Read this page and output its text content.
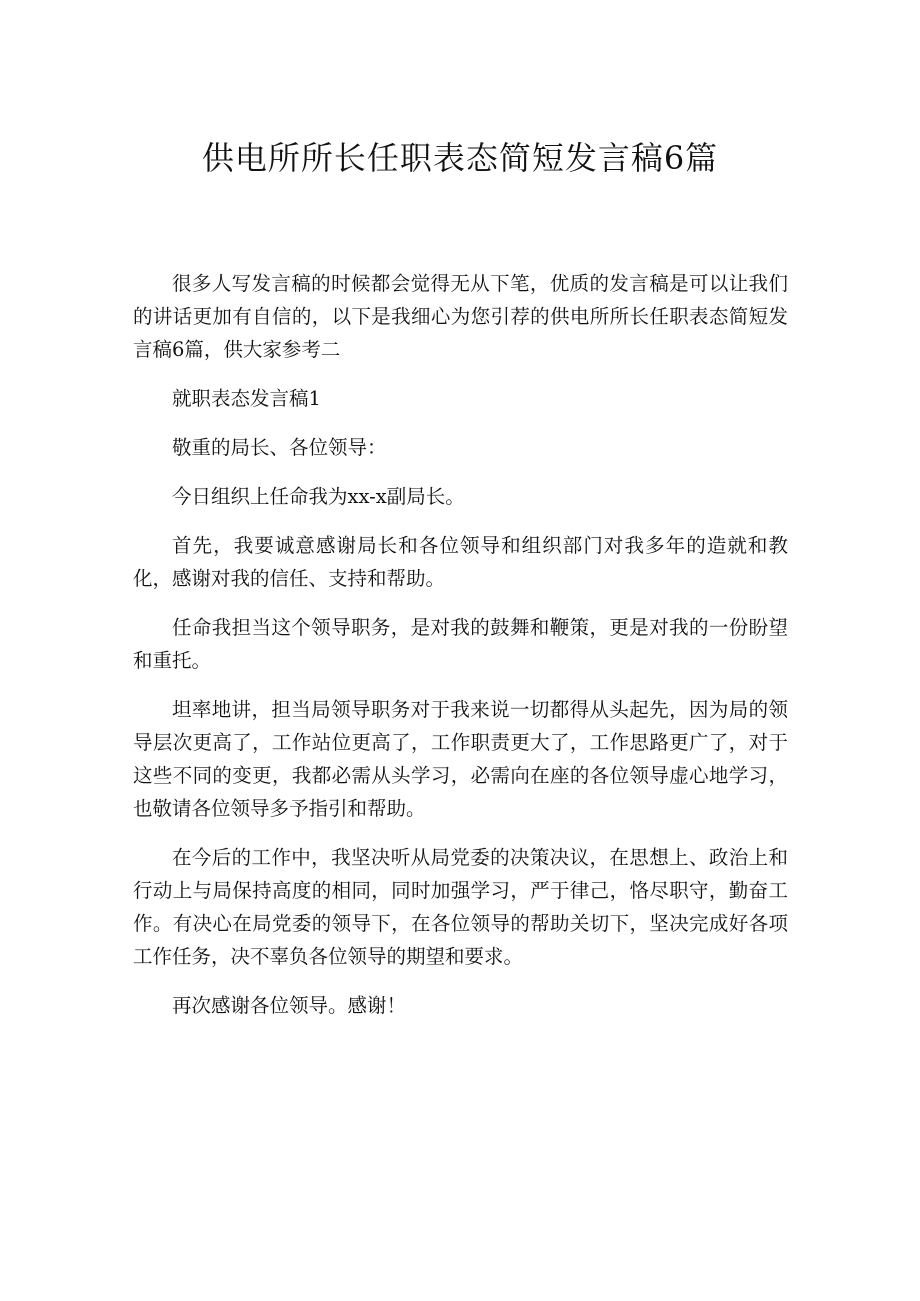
供电所所长任职表态简短发言稿6篇

很多人写发言稿的时候都会觉得无从下笔，优质的发言稿是可以让我们的讲话更加有自信的，以下是我细心为您引荐的供电所所长任职表态简短发言稿6篇，供大家参考二

就职表态发言稿1

敬重的局长、各位领导：

今日组织上任命我为xx-x副局长。

首先，我要诚意感谢局长和各位领导和组织部门对我多年的造就和教化，感谢对我的信任、支持和帮助。

任命我担当这个领导职务，是对我的鼓舞和鞭策，更是对我的一份盼望和重托。

坦率地讲，担当局领导职务对于我来说一切都得从头起先，因为局的领导层次更高了，工作站位更高了，工作职责更大了，工作思路更广了，对于这些不同的变更，我都必需从头学习，必需向在座的各位领导虚心地学习，也敬请各位领导多予指引和帮助。

在今后的工作中，我坚决听从局党委的决策决议，在思想上、政治上和行动上与局保持高度的相同，同时加强学习，严于律己，恪尽职守，勤奋工作。有决心在局党委的领导下，在各位领导的帮助关切下，坚决完成好各项工作任务，决不辜负各位领导的期望和要求。

再次感谢各位领导。感谢！
